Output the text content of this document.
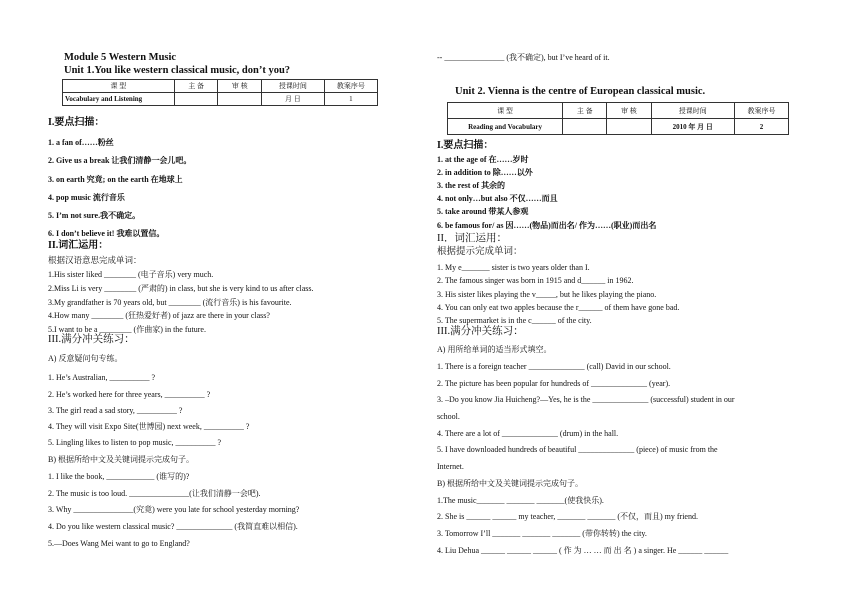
Module 5 Western Music
Unit 1.You like western classical music, don’t you?
课 型	主 备	审 核	授课时间	教案序号
Vocabulary and Listening			月 日	1
I.要点扫描：
1. a fan of……粉丝
2. Give us a break 让我们清静一会儿吧。
3. on earth 究竟; on the earth 在地球上
4. pop music 流行音乐
5. I’m not sure.我不确定。
6. I don’t believe it! 我难以置信。
II.词汇运用：
根据汉语意思完成单词：
1.His sister liked ________ (电子音乐) very much.
2.Miss Li is very ________ (严肃的) in class, but she is very kind to us after class.
3.My grandfather is 70 years old, but ________ (流行音乐) is his favourite.
4.How many ________ (狂热爱好者) of jazz are there in your class?
5.I want to be a ________ (作曲家) in the future.
III.满分冲关练习：
A) 反意疑问句专练。
1. He’s Australian, __________ ?
2. He’s worked here for three years, __________ ?
3. The girl read a sad story, __________ ?
4. They will visit Expo Site(世博园) next week, __________ ?
5. Lingling likes to listen to pop music, __________ ?
B) 根据所给中文及关键词提示完成句子。
1. I like the book, ____________ (谁写的)?
2. The music is too loud. _______________(让我们清静一会吧).
3. Why _______________(究竟) were you late for school yesterday morning?
4. Do you like western classical music? ______________ (我简直难以相信).
5.—Does Wang Mei want to go to England?
-- _______________ (我不确定), but I’ve heard of it.
Unit 2. Vienna is the centre of European classical music.
课 型	主 备	审 核	授课时间	教案序号
Reading and Vocabulary			2010 年 月 日	2
I.要点扫描：
1. at the age of 在……岁时
2. in addition to 除……以外
3. the rest of 其余的
4. not only…but also 不仅……而且
5. take around 带某人参观
6. be famous for/ as 因……(物品)而出名/ 作为……(职业)而出名
II．词汇运用：
根据提示完成单词：
1. My e_______ sister is two years older than I.
2. The famous singer was born in 1915 and d______ in 1962.
3. His sister likes playing the v_____, but he likes playing the piano.
4. You can only eat two apples because the r______ of them have gone bad.
5. The supermarket is in the c______ of the city.
III.满分冲关练习：
A) 用所给单词的适当形式填空。
1. There is a foreign teacher ______________ (call) David in our school.
2. The picture has been popular for hundreds of ______________ (year).
3. –Do you know Jia Huicheng?—Yes, he is the ______________ (successful) student in our
school.
4. There are a lot of ______________ (drum) in the hall.
5. I have downloaded hundreds of beautiful ______________ (piece) of music from the
Internet.
B) 根据所给中文及关键词提示完成句子。
1.The music_______ _______ _______(使我快乐).
2. She is ______ ______ my teacher, _______ _______ (不仅，而且) my friend.
3. Tomorrow I’ll _______ _______ _______ (带你转转) the city.
4. Liu Dehua ______ ______ ______ ( 作 为 … … 而 出 名 ) a singer. He ______ ______
